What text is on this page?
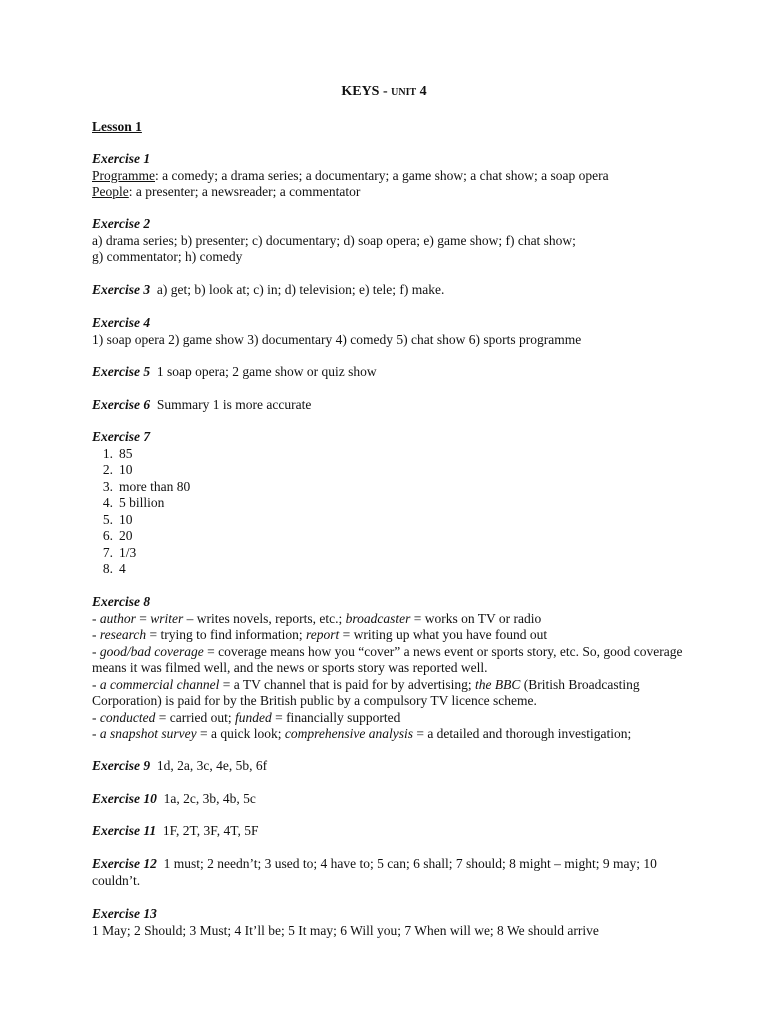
KEYS - unit 4
Lesson 1
Exercise 1
Programme: a comedy; a drama series; a documentary; a game show; a chat show; a soap opera
People: a presenter; a newsreader; a commentator
Exercise 2
a) drama series; b) presenter; c) documentary; d) soap opera; e) game show; f) chat show;
g) commentator; h) comedy
Exercise 3 a) get; b) look at; c) in; d) television; e) tele; f) make.
Exercise 4
1) soap opera 2) game show 3) documentary 4) comedy 5) chat show 6) sports programme
Exercise 5 1 soap opera; 2 game show or quiz show
Exercise 6 Summary 1 is more accurate
Exercise 7
1. 85
2. 10
3. more than 80
4. 5 billion
5. 10
6. 20
7. 1/3
8. 4
Exercise 8
- author = writer – writes novels, reports, etc.; broadcaster = works on TV or radio
- research = trying to find information; report = writing up what you have found out
- good/bad coverage = coverage means how you “cover” a news event or sports story, etc. So, good coverage means it was filmed well, and the news or sports story was reported well.
- a commercial channel = a TV channel that is paid for by advertising; the BBC (British Broadcasting Corporation) is paid for by the British public by a compulsory TV licence scheme.
- conducted = carried out; funded = financially supported
- a snapshot survey = a quick look; comprehensive analysis = a detailed and thorough investigation;
Exercise 9 1d, 2a, 3c, 4e, 5b, 6f
Exercise 10 1a, 2c, 3b, 4b, 5c
Exercise 11 1F, 2T, 3F, 4T, 5F
Exercise 12 1 must; 2 needn’t; 3 used to; 4 have to; 5 can; 6 shall; 7 should; 8 might – might; 9 may; 10 couldn’t.
Exercise 13
1 May; 2 Should; 3 Must; 4 It’ll be; 5 It may; 6 Will you; 7 When will we; 8 We should arrive
